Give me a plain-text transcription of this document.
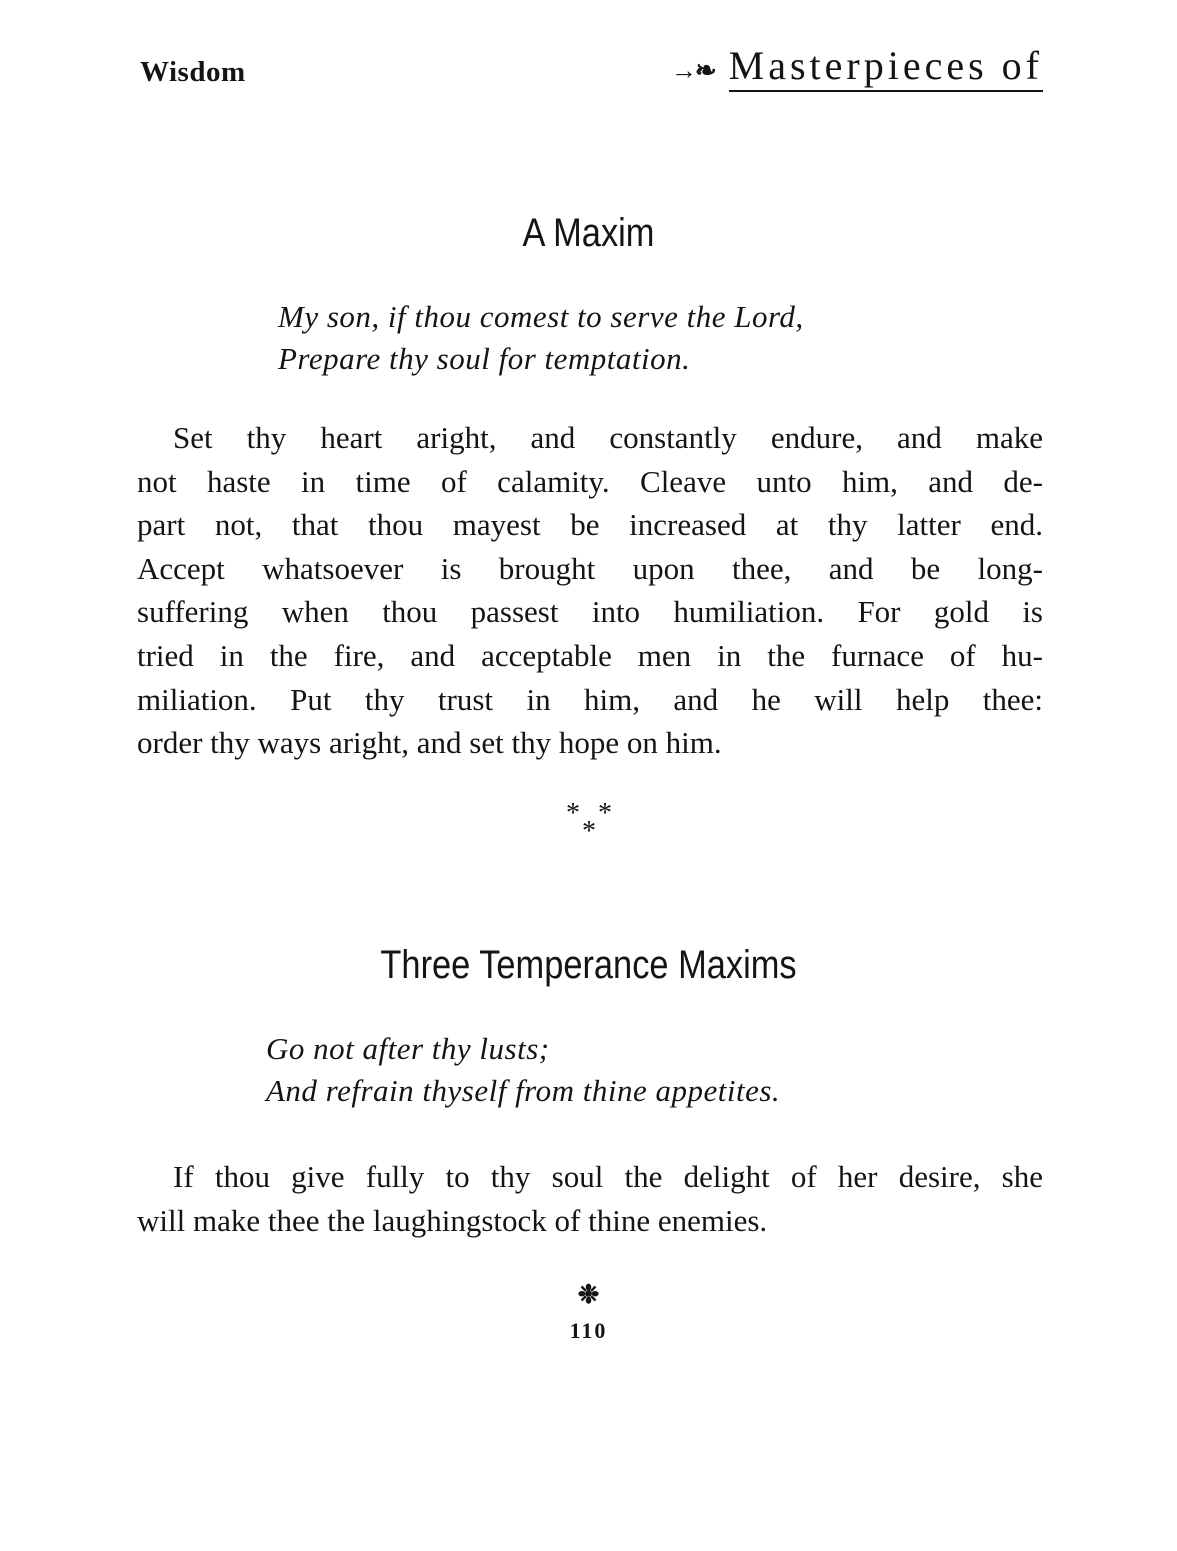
Wisdom	→❧ Masterpieces of
A Maxim
My son, if thou comest to serve the Lord,
Prepare thy soul for temptation.
Set thy heart aright, and constantly endure, and make
not haste in time of calamity. Cleave unto him, and de-
part not, that thou mayest be increased at thy latter end.
Accept whatsoever is brought upon thee, and be long-
suffering when thou passest into humiliation. For gold is
tried in the fire, and acceptable men in the furnace of hu-
miliation. Put thy trust in him, and he will help thee:
order thy ways aright, and set thy hope on him.
* *
*
Three Temperance Maxims
Go not after thy lusts;
And refrain thyself from thine appetites.
If thou give fully to thy soul the delight of her desire, she
will make thee the laughingstock of thine enemies.
❉
110
